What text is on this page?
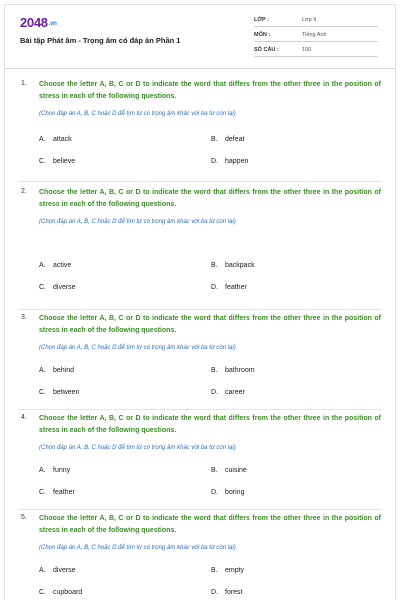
2048.vn
Bài tập Phát âm - Trọng âm có đáp án Phần 1
LỚP :	Lớp 9
MÔN :	Tiếng Anh
SỐ CÂU :	100
1. Choose the letter A, B, C or D to indicate the word that differs from the other three in the position of stress in each of the following questions.
(Chọn đáp án A, B, C hoặc D để tìm từ có trọng âm khác với ba từ còn lại)
A. attack	B. defeat
C. believe	D. happen
2. Choose the letter A, B, C or D to indicate the word that differs from the other three in the position of stress in each of the following questions.
(Chọn đáp án A, B, C hoặc D để tìm từ có trọng âm khác với ba từ còn lại)
A. active	B. backpack
C. diverse	D. feather
3. Choose the letter A, B, C or D to indicate the word that differs from the other three in the position of stress in each of the following questions.
(Chọn đáp án A, B, C hoặc D để tìm từ có trọng âm khác với ba từ còn lại)
A. behind	B. bathroom
C. between	D. career
4. Choose the letter A, B, C or D to indicate the word that differs from the other three in the position of stress in each of the following questions.
(Chọn đáp án A, B, C hoặc D để tìm từ có trọng âm khác với ba từ còn lại)
A. funny	B. cuisine
C. feather	D. boring
5. Choose the letter A, B, C or D to indicate the word that differs from the other three in the position of stress in each of the following questions.
(Chọn đáp án A, B, C hoặc D để tìm từ có trọng âm khác với ba từ còn lại)
A. diverse	B. empty
C. cupboard	D. forest
